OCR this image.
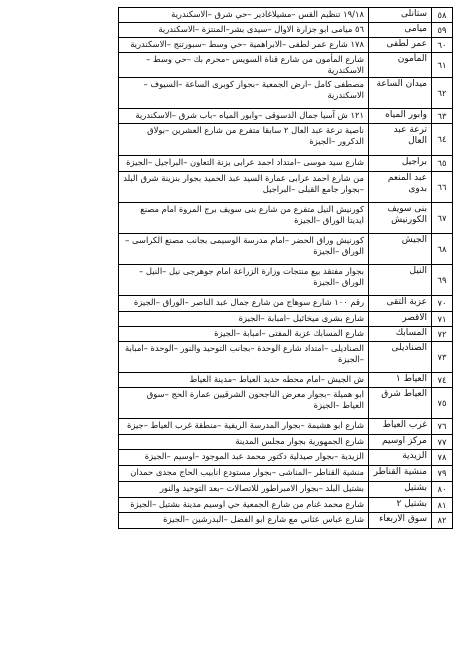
٥٨	ستانلى	١٩/١٨ تنظيم القس –مشيلاغادير –حي شرق –الاسكندرية
٥٩	ميامى	٥٦ ميامى ابو جزارة الاوال –سيدى بشر–المنتزة –الاسكندرية
٦٠	عمر لطفى	١٧٨ شارع عمر لطفى –الابراهمية –حي وسط –سبورتنج –الاسكندرية
٦١	المأمون	شارع المأمون من شارع قناة السويس –محرم بك –حي وسط –الاسكندرية
٦٢	ميدان الساعة	مصطفى كامل –ارض الجمعية –بجوار كوبرى الساعة –السيوف –الاسكندرية
٦٣	وابور المياه	١٢١ ش آسيا جمال الدسوقى –وابور المياه –باب شرق –الاسكندرية
٦٤	ترعة عبد العال	ناصية ترعة عبد العال ٢ سابقا متفرع من شارع العشرين –بولاق الدكرور –الجيزة
٦٥	براجيل	شارع سيد موسى –امتداد احمد عرابى بزنة التعاون –البراجيل –الجيزة
٦٦	عبد المنعم بدوى	من شارع احمد عرابى عمارة السيد عبد الحميد بجوار بنزينة شرق البلد –بجوار جامع القبلى –البراجيل
٦٧	بنى سويف الكورنيش	كورنيش النيل متفرع من شارع بنى سويف برج المروة امام مصنع ايديتا الوراق –الجيزة
٦٨	الجيش	كورنيش وراق الحضر –امام مدرسة الوسيمى بجانب مصنع الكراسى –الوراق –الجيزة
٦٩	النيل	بجوار مفتقد بيع منتجات وزارة الزراعة امام جوهرجى نيل –النيل –الوراق –الجيزة
٧٠	عزبة التقى	رقم ١٠٠ شارع سوهاج من شارع جمال عبد الناصر –الوراق –الجيزة
٧١	الاقصر	شارع بشرى ميخائيل –امبابة –الجيزة
٧٢	المسابك	شارع المسابك عزبة المفتى –امبابة –الجيزة
٧٣	الصناديلى	الصناديلى –امتداد شارع الوحدة –بجانب التوحيد والنور –الوحدة –امبابة –الجيزة
٧٤	العياط ١	ش الجيش –امام محطه حديد العياط –مدينة العياط
٧٥	العياط شرق	ابو هميلة –بجوار معرض الناجحون الشرقيين عمارة الحج –سوق العياط –الجيزة
٧٦	غرب العياط	شارع ابو هشيمة –بجوار المدرسة الريفية –منطقة غرب العياط –جيزة
٧٧	مركز اوسيم	شارع الجمهورية بجوار مجلس المدينة
٧٨	الزيدية	الزيدية –بجوار صيدلية دكتور محمد عبد الموجود –اوسيم –الجيزة
٧٩	منشية القناطر	منشية القناطر –المناشى –بجوار مستودع انابيب الحاج مجدى حمدان
٨٠	بشتيل	بشتيل البلد –بجوار الامبراطور للاتصالات –بعد التوحيد والنور
٨١	بشتيل ٢	شارع محمد غنام من شارع الجمعية حي اوسيم مدينة بشتيل –الجيزة
٨٢	سوق الاربعاء	شارع عباس عثاني مع شارع ابو الفضل –البدرشين –الجيزة
